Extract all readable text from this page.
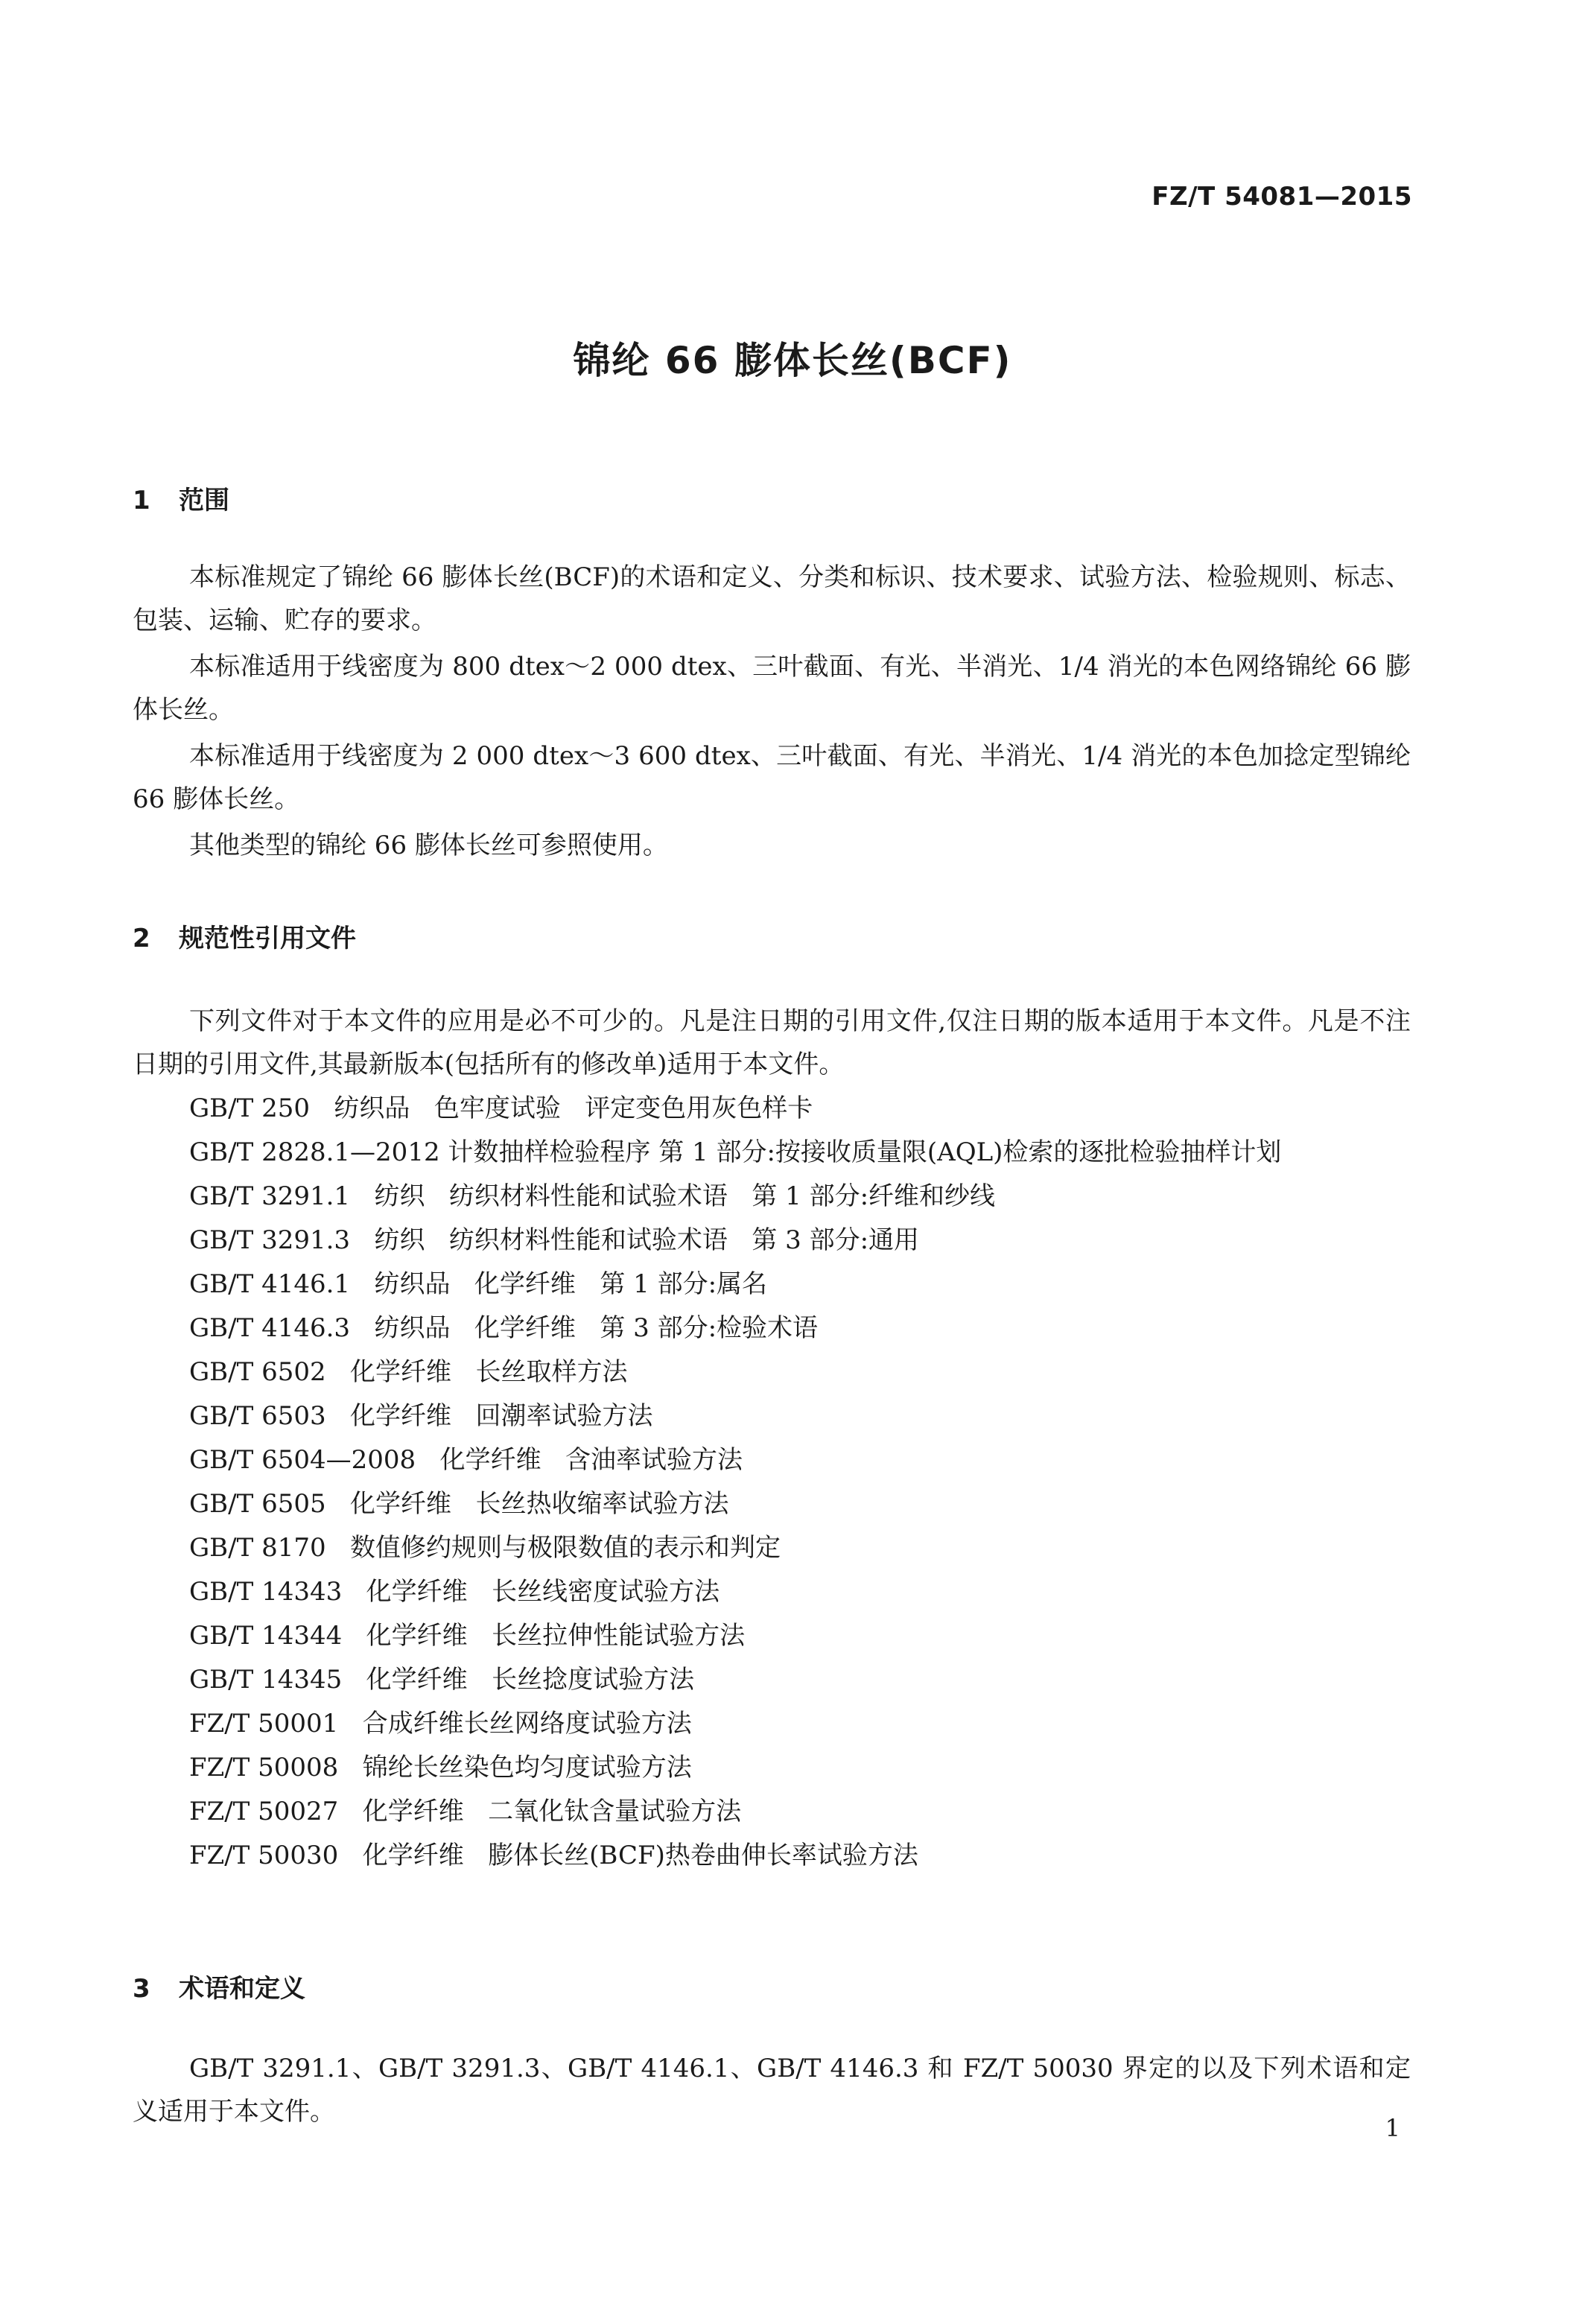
FZ/T 54081—2015
锦纶 66 膨体长丝(BCF)
1 范围
本标准规定了锦纶 66 膨体长丝(BCF)的术语和定义、分类和标识、技术要求、试验方法、检验规则、标志、包装、运输、贮存的要求。
本标准适用于线密度为 800 dtex～2 000 dtex、三叶截面、有光、半消光、1/4 消光的本色网络锦纶 66 膨体长丝。
本标准适用于线密度为 2 000 dtex～3 600 dtex、三叶截面、有光、半消光、1/4 消光的本色加捻定型锦纶 66 膨体长丝。
其他类型的锦纶 66 膨体长丝可参照使用。
2 规范性引用文件
下列文件对于本文件的应用是必不可少的。凡是注日期的引用文件,仅注日期的版本适用于本文件。凡是不注日期的引用文件,其最新版本(包括所有的修改单)适用于本文件。
GB/T 250   纺织品   色牢度试验   评定变色用灰色样卡
GB/T 2828.1—2012 计数抽样检验程序 第 1 部分:按接收质量限(AQL)检索的逐批检验抽样计划
GB/T 3291.1   纺织   纺织材料性能和试验术语   第 1 部分:纤维和纱线
GB/T 3291.3   纺织   纺织材料性能和试验术语   第 3 部分:通用
GB/T 4146.1   纺织品   化学纤维   第 1 部分:属名
GB/T 4146.3   纺织品   化学纤维   第 3 部分:检验术语
GB/T 6502   化学纤维   长丝取样方法
GB/T 6503   化学纤维   回潮率试验方法
GB/T 6504—2008   化学纤维   含油率试验方法
GB/T 6505   化学纤维   长丝热收缩率试验方法
GB/T 8170   数值修约规则与极限数值的表示和判定
GB/T 14343   化学纤维   长丝线密度试验方法
GB/T 14344   化学纤维   长丝拉伸性能试验方法
GB/T 14345   化学纤维   长丝捻度试验方法
FZ/T 50001   合成纤维长丝网络度试验方法
FZ/T 50008   锦纶长丝染色均匀度试验方法
FZ/T 50027   化学纤维   二氧化钛含量试验方法
FZ/T 50030   化学纤维   膨体长丝(BCF)热卷曲伸长率试验方法
3 术语和定义
GB/T 3291.1、GB/T 3291.3、GB/T 4146.1、GB/T 4146.3 和 FZ/T 50030 界定的以及下列术语和定义适用于本文件。
1
